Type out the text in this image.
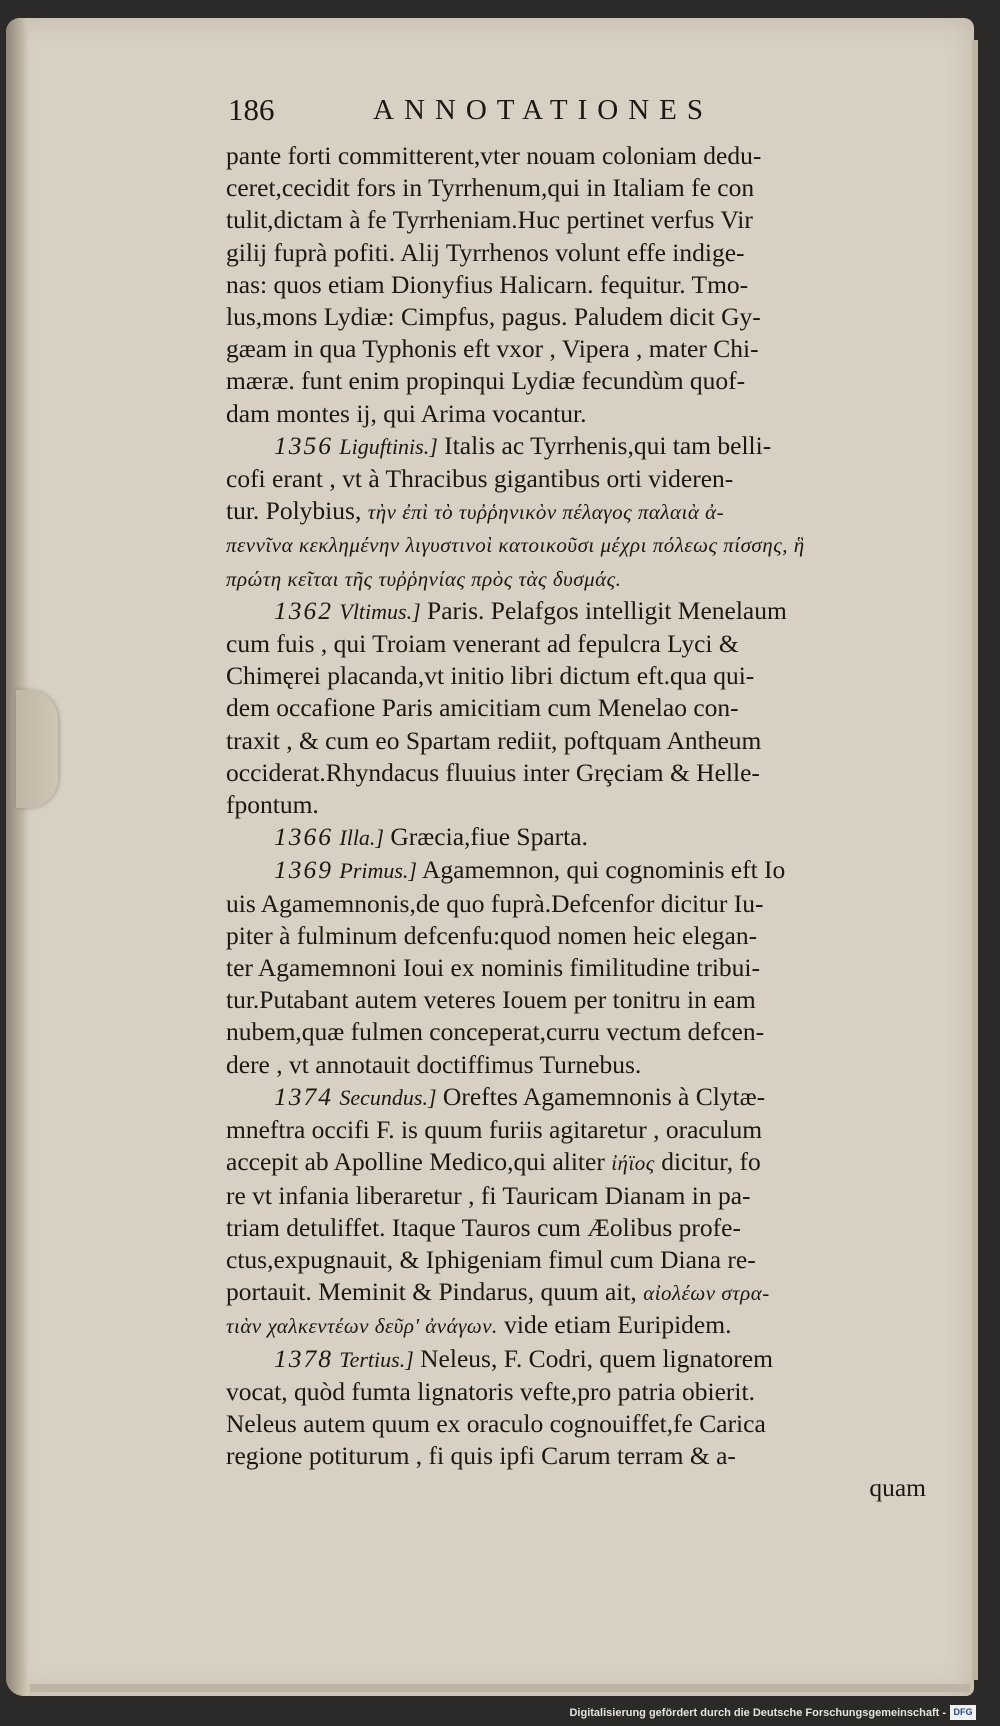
186	ANNOTATIONES
pante forti committerent,vter nouam coloniam dedu-
ceret,cecidit fors in Tyrrhenum,qui in Italiam fe con
tulit,dictam à fe Tyrrheniam.Huc pertinet verfus Vir
gilij fuprà pofiti. Alij Tyrrhenos volunt effe indige-
nas: quos etiam Dionyfius Halicarn. fequitur. Tmo-
lus,mons Lydiæ: Cimpfus, pagus. Paludem dicit Gy-
gæam in qua Typhonis eft vxor , Vipera , mater Chi-
mæræ. funt enim propinqui Lydiæ fecundùm quof-
dam montes ij, qui Arima vocantur.
1356 Liguftinis.] Italis ac Tyrrhenis,qui tam belli-
cofi erant , vt à Thracibus gigantibus orti videren-
tur. Polybius, τὴν ἐπὶ τὸ τυῤῥηνικὸν πέλαγος παλαιὰ ἀ-
πεννῖνα κεκλημένην λιγυστινοὶ κατοικοῦσι μέχρι πόλεως πίσσης, ἣ
πρώτη κεῖται τῆς τυῤῥηνίας πρὸς τὰς δυσμάς.
1362 Vltimus.] Paris. Pelafgos intelligit Menelaum
cum fuis , qui Troiam venerant ad fepulcra Lyci &
Chimęrei placanda,vt initio libri dictum eft.qua qui-
dem occafione Paris amicitiam cum Menelao con-
traxit , & cum eo Spartam rediit, poftquam Antheum
occiderat.Rhyndacus fluuius inter Grȩciam & Helle-
fpontum.
1366 Illa.] Græcia,fiue Sparta.
1369 Primus.] Agamemnon, qui cognominis eft Io
uis Agamemnonis,de quo fuprà.Defcenfor dicitur Iu-
piter à fulminum defcenfu:quod nomen heic elegan-
ter Agamemnoni Ioui ex nominis fimilitudine tribui-
tur.Putabant autem veteres Iouem per tonitru in eam
nubem,quæ fulmen conceperat,curru vectum defcen-
dere , vt annotauit doctiffimus Turnebus.
1374 Secundus.] Oreftes Agamemnonis à Clytæ-
mneftra occifi F. is quum furiis agitaretur , oraculum
accepit ab Apolline Medico,qui aliter ἰήϊος dicitur, fo
re vt infania liberaretur , fi Tauricam Dianam in pa-
triam detuliffet. Itaque Tauros cum Æolibus profe-
ctus,expugnauit, & Iphigeniam fimul cum Diana re-
portauit. Meminit & Pindarus, quum ait, αἰολέων στρα-
τιὰν χαλκεντέων δεῦρ' ἀνάγων. vide etiam Euripidem.
1378 Tertius.] Neleus, F. Codri, quem lignatorem
vocat, quòd fumta lignatoris vefte,pro patria obierit.
Neleus autem quum ex oraculo cognouiffet,fe Carica
regione potiturum , fi quis ipfi Carum terram & a-
quam
Digitalisierung gefördert durch die Deutsche Forschungsgemeinschaft - DFG
